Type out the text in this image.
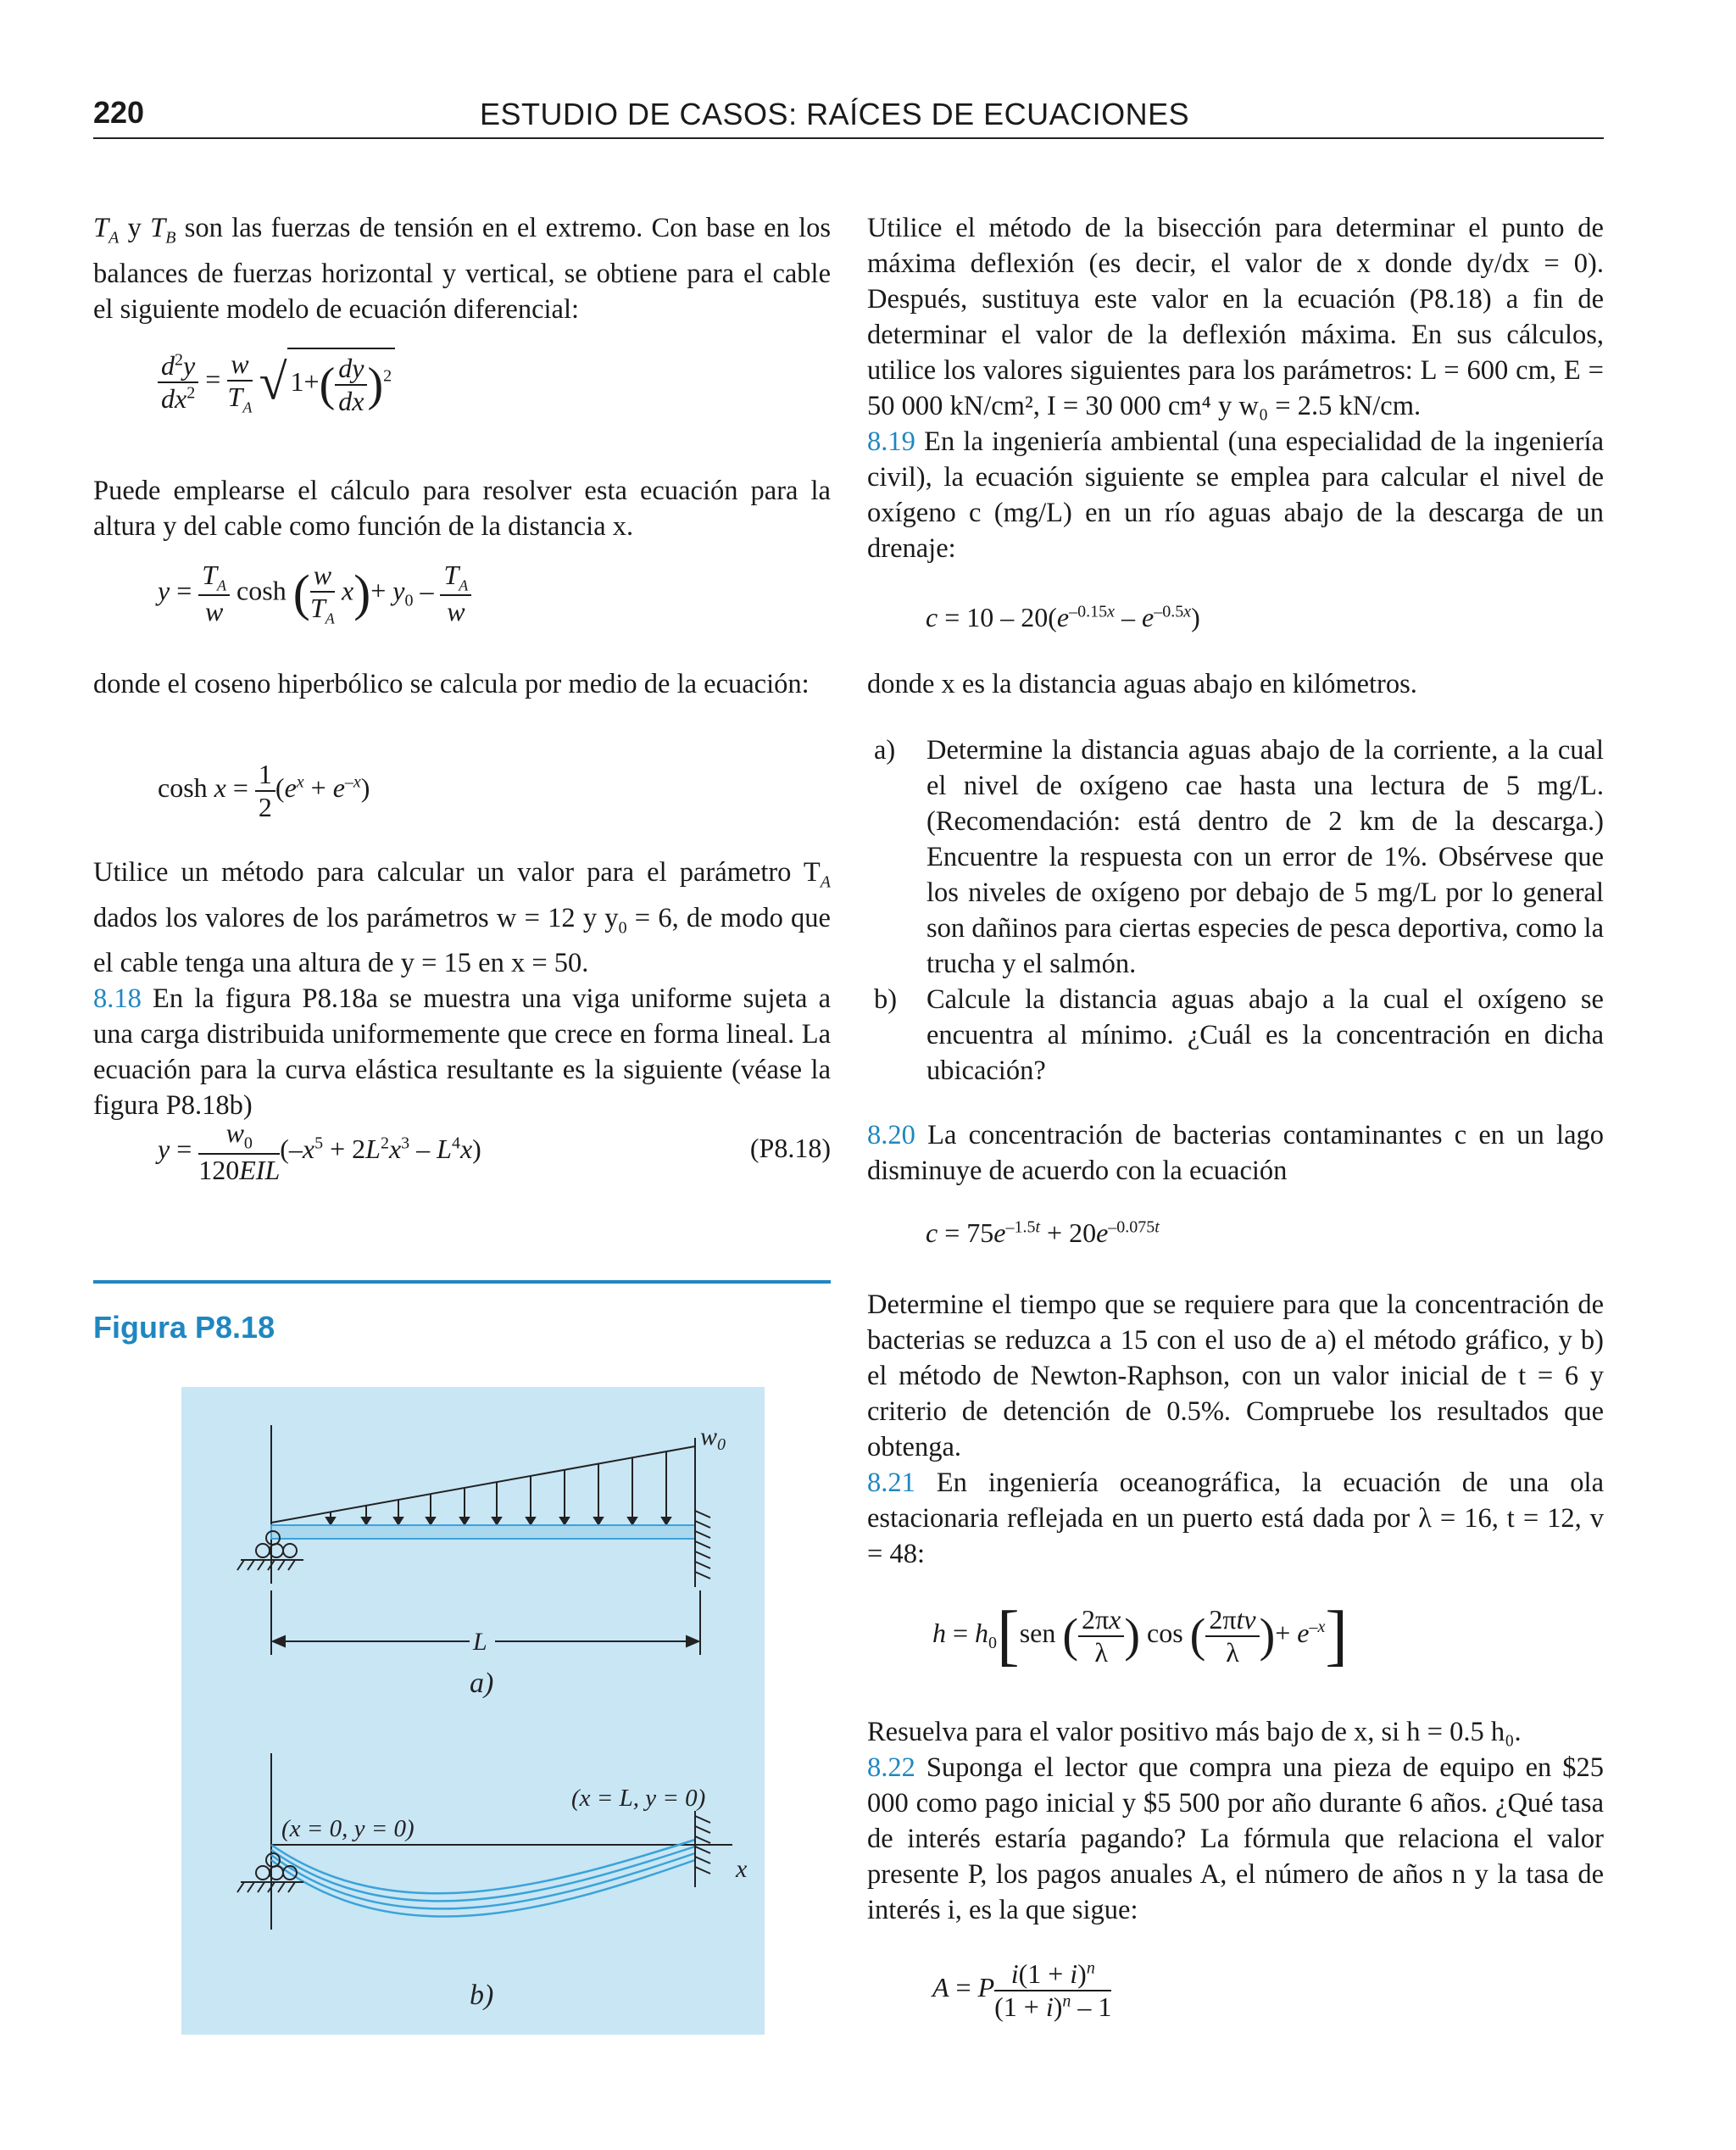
220	ESTUDIO DE CASOS: RAÍCES DE ECUACIONES

$T_A$ y $T_B$ son las fuerzas de tensión en el extremo. Con base en los balances de fuerzas horizontal y vertical, se obtiene para el cable el siguiente modelo de ecuación diferencial:

$\frac{d^2y}{dx^2} = \frac{w}{T_A}$ √ $1+( \frac{dy}{dx} )^2$

Puede emplearse el cálculo para resolver esta ecuación para la altura y del cable como función de la distancia x.

$y = \frac{T_A}{w}$ cosh ( $\frac{w}{T_A} x)+ y_0 - \frac{T_A}{w}$

donde el coseno hiperbólico se calcula por medio de la ecuación:

$\cosh x = \frac{1}{2} (e^x + e^{-x})$

Utilice un método para calcular un valor para el parámetro $T_A$ dados los valores de los parámetros w = 12 y $y_0 = 6$, de modo que el cable tenga una altura de y = 15 en x = 50.

8.18 En la figura P8.18a se muestra una viga uniforme sujeta a una carga distribuida uniformemente que crece en forma lineal. La ecuación para la curva elástica resultante es la siguiente (véase la figura P8.18b)

$y = \frac{w_0}{\text{120EIL}} (-x^5 + 2L^2x^3 - L^4x)$	(P8.18)
Figura P8.18
$w_0$
L
a)
(x = 0, y = 0)
(x = L, y = 0)
x
b)

Utilice el método de la bisección para determinar el punto de máxima deflexión (es decir, el valor de x donde dy/dx = 0). Después, sustituya este valor en la ecuación (P8.18) a fin de determinar el valor de la deflexión máxima. En sus cálculos, utilice los valores siguientes para los parámetros: L = 600 cm, E = 50 000 kN/cm², I = 30 000 cm⁴ y w₀ = 2.5 kN/cm.

8.19 En la ingeniería ambiental (una especialidad de la ingeniería civil), la ecuación siguiente se emplea para calcular el nivel de oxígeno c (mg/L) en un río aguas abajo de la descarga de un drenaje:

$c = 10 - 20(e^{-0.15x} - e^{-0.5x})$

donde x es la distancia aguas abajo en kilómetros.

a) Determine la distancia aguas abajo de la corriente, a la cual el nivel de oxígeno cae hasta una lectura de 5 mg/L. (Recomendación: está dentro de 2 km de la descarga.) Encuentre la respuesta con un error de 1%. Obsérvese que los niveles de oxígeno por debajo de 5 mg/L por lo general son dañinos para ciertas especies de pesca deportiva, como la trucha y el salmón.
b) Calcule la distancia aguas abajo a la cual el oxígeno se encuentra al mínimo. ¿Cuál es la concentración en dicha ubicación?

8.20 La concentración de bacterias contaminantes c en un lago disminuye de acuerdo con la ecuación

$c = 75e^{-1.5t} + 20e^{-0.075t}$

Determine el tiempo que se requiere para que la concentración de bacterias se reduzca a 15 con el uso de a) el método gráfico, y b) el método de Newton-Raphson, con un valor inicial de t = 6 y criterio de detención de 0.5%. Compruebe los resultados que obtenga.

8.21 En ingeniería oceanográfica, la ecuación de una ola estacionaria reflejada en un puerto está dada por λ = 16, t = 12, v = 48:

$h = h_0[sen$ ( $\frac{2\pi x}{\lambda}$ ) cos ( $\frac{\text{2πtv}}{\lambda}$ )+ $e^{-x}$]

Resuelva para el valor positivo más bajo de x, si h = 0.5 h₀.

8.22 Suponga el lector que compra una pieza de equipo en $25 000 como pago inicial y $5 500 por año durante 6 años. ¿Qué tasa de interés estaría pagando? La fórmula que relaciona el valor presente P, los pagos anuales A, el número de años n y la tasa de interés i, es la que sigue:

A = P $\frac{i(1 + i)^n}{(1 + i)^n - 1}$
